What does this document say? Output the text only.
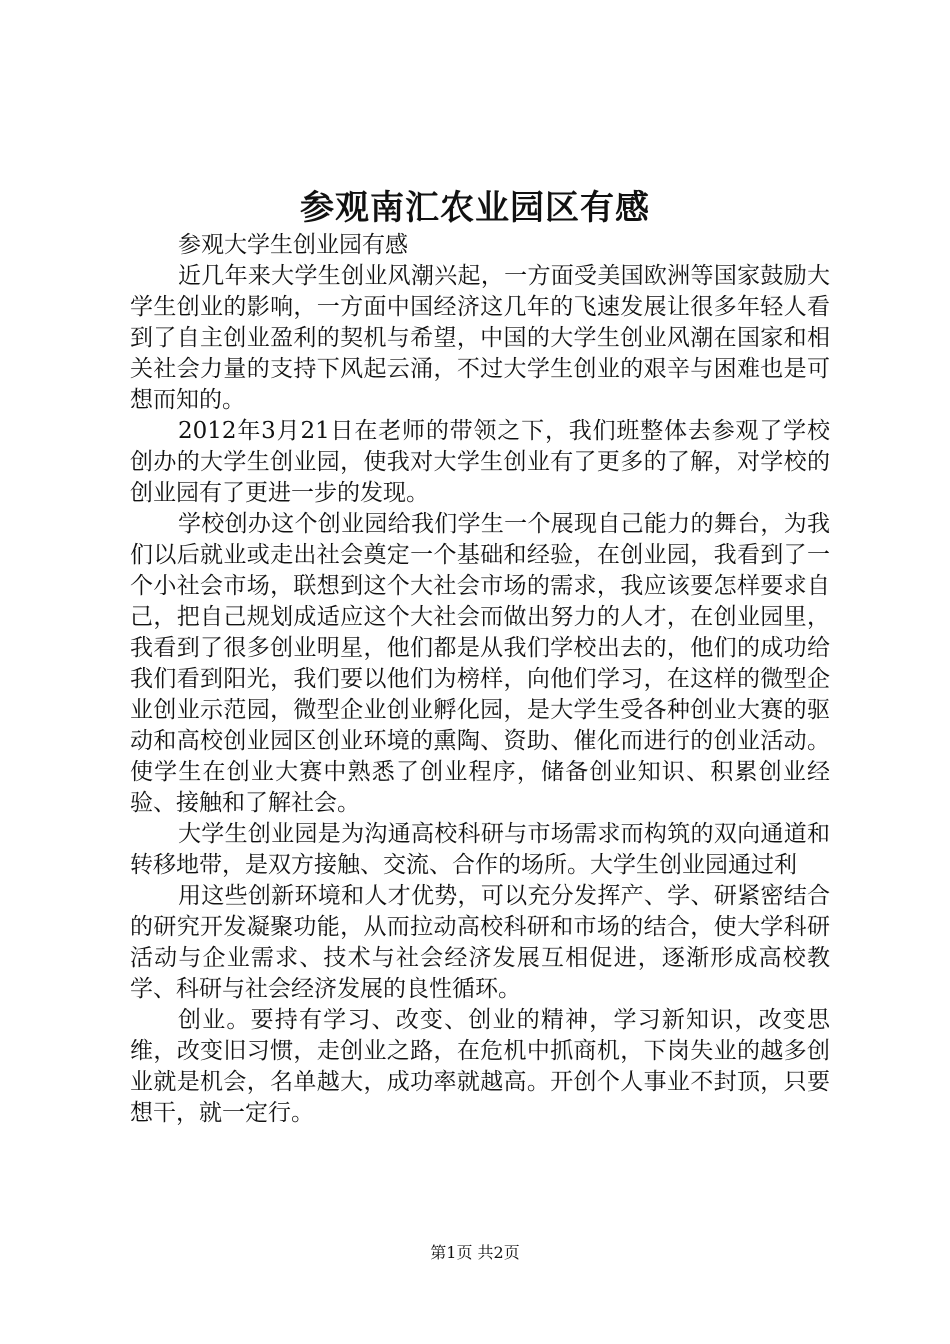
参观南汇农业园区有感

参观大学生创业园有感

近几年来大学生创业风潮兴起，一方面受美国欧洲等国家鼓励大学生创业的影响，一方面中国经济这几年的飞速发展让很多年轻人看到了自主创业盈利的契机与希望，中国的大学生创业风潮在国家和相关社会力量的支持下风起云涌，不过大学生创业的艰辛与困难也是可想而知的。

2012年3月21日在老师的带领之下，我们班整体去参观了学校创办的大学生创业园，使我对大学生创业有了更多的了解，对学校的创业园有了更进一步的发现。

学校创办这个创业园给我们学生一个展现自己能力的舞台，为我们以后就业或走出社会奠定一个基础和经验，在创业园，我看到了一个小社会市场，联想到这个大社会市场的需求，我应该要怎样要求自己，把自己规划成适应这个大社会而做出努力的人才，在创业园里，我看到了很多创业明星，他们都是从我们学校出去的，他们的成功给我们看到阳光，我们要以他们为榜样，向他们学习，在这样的微型企业创业示范园，微型企业创业孵化园，是大学生受各种创业大赛的驱动和高校创业园区创业环境的熏陶、资助、催化而进行的创业活动。使学生在创业大赛中熟悉了创业程序，储备创业知识、积累创业经验、接触和了解社会。

大学生创业园是为沟通高校科研与市场需求而构筑的双向通道和转移地带，是双方接触、交流、合作的场所。大学生创业园通过利

用这些创新环境和人才优势，可以充分发挥产、学、研紧密结合的研究开发凝聚功能，从而拉动高校科研和市场的结合，使大学科研活动与企业需求、技术与社会经济发展互相促进，逐渐形成高校教学、科研与社会经济发展的良性循环。

创业。要持有学习、改变、创业的精神，学习新知识，改变思维，改变旧习惯，走创业之路，在危机中抓商机，下岗失业的越多创业就是机会，名单越大，成功率就越高。开创个人事业不封顶，只要想干，就一定行。

第1页 共2页
